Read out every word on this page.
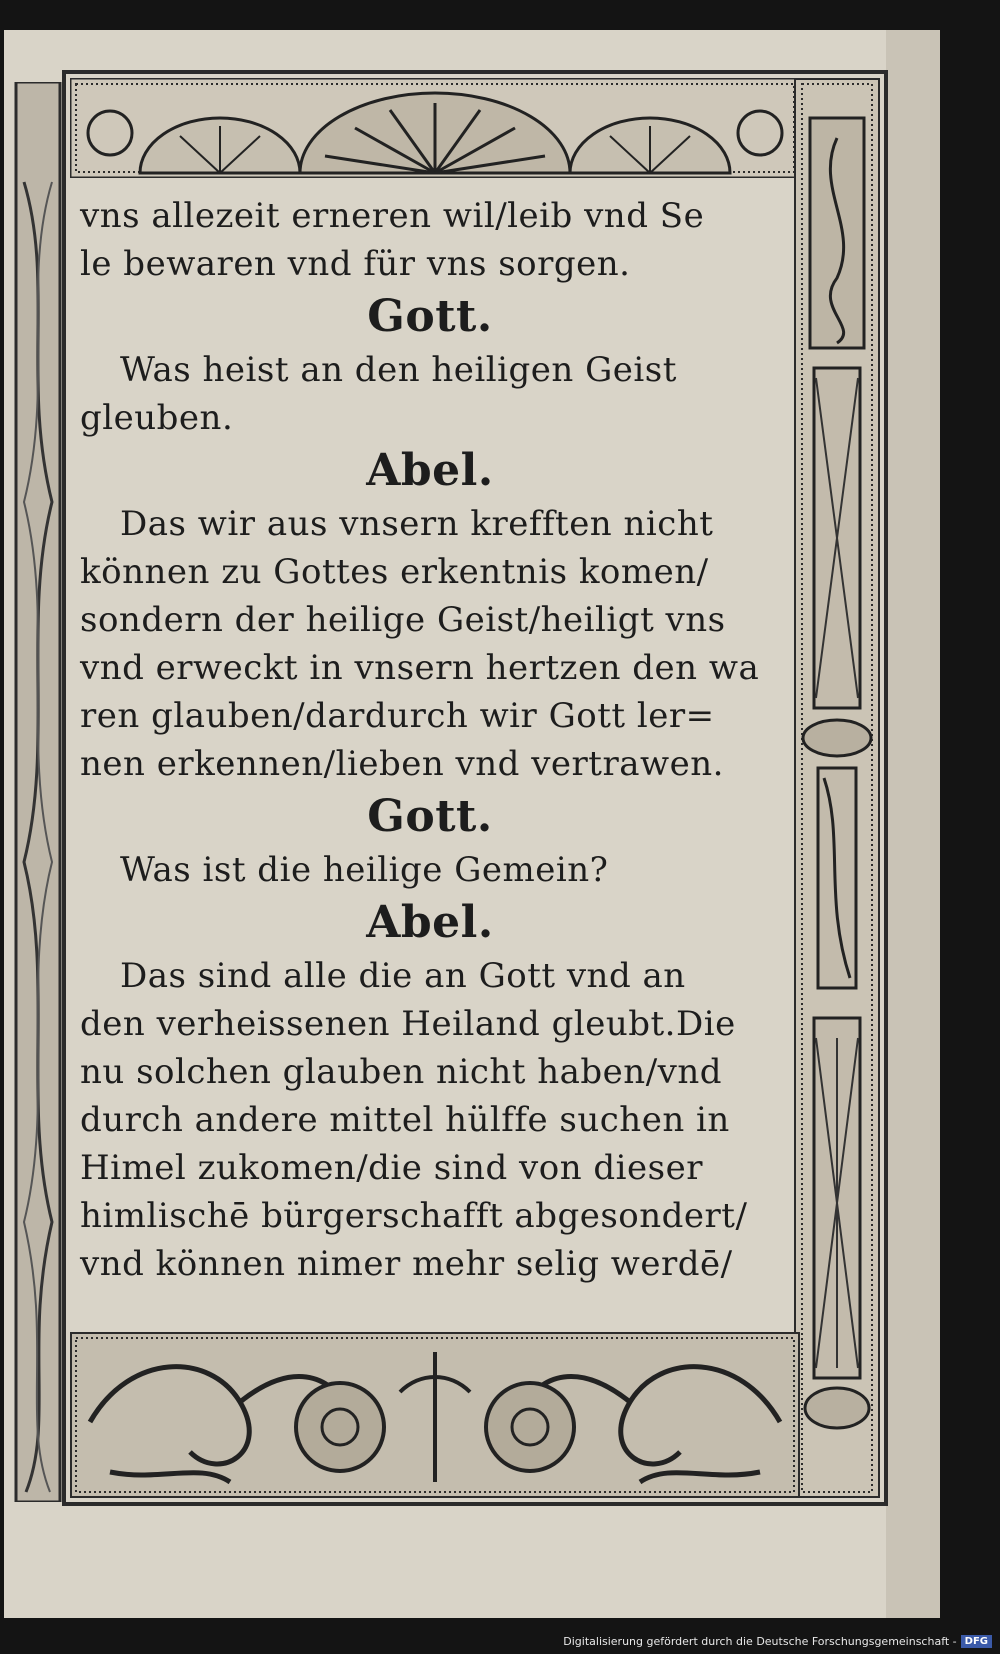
vns allezeit erneren wil/leib vnd Se

le bewaren vnd für vns sorgen.

Gott.

Was heist an den heiligen Geist

gleuben.

Abel.

Das wir aus vnsern krefften nicht

können zu Gottes erkentnis komen/

sondern der heilige Geist/heiligt vns

vnd erweckt in vnsern hertzen den wa

ren glauben/dardurch wir Gott ler=

nen erkennen/lieben vnd vertrawen.

Gott.

Was ist die heilige Gemein?

Abel.

Das sind alle die an Gott vnd an

den verheissenen Heiland gleubt.Die

nu solchen glauben nicht haben/vnd

durch andere mittel hülffe suchen in

Himel zukomen/die sind von dieser

himlischē bürgerschafft abgesondert/

vnd können nimer mehr selig werdē/

Digitalisierung gefördert durch die Deutsche Forschungsgemeinschaft - DFG
